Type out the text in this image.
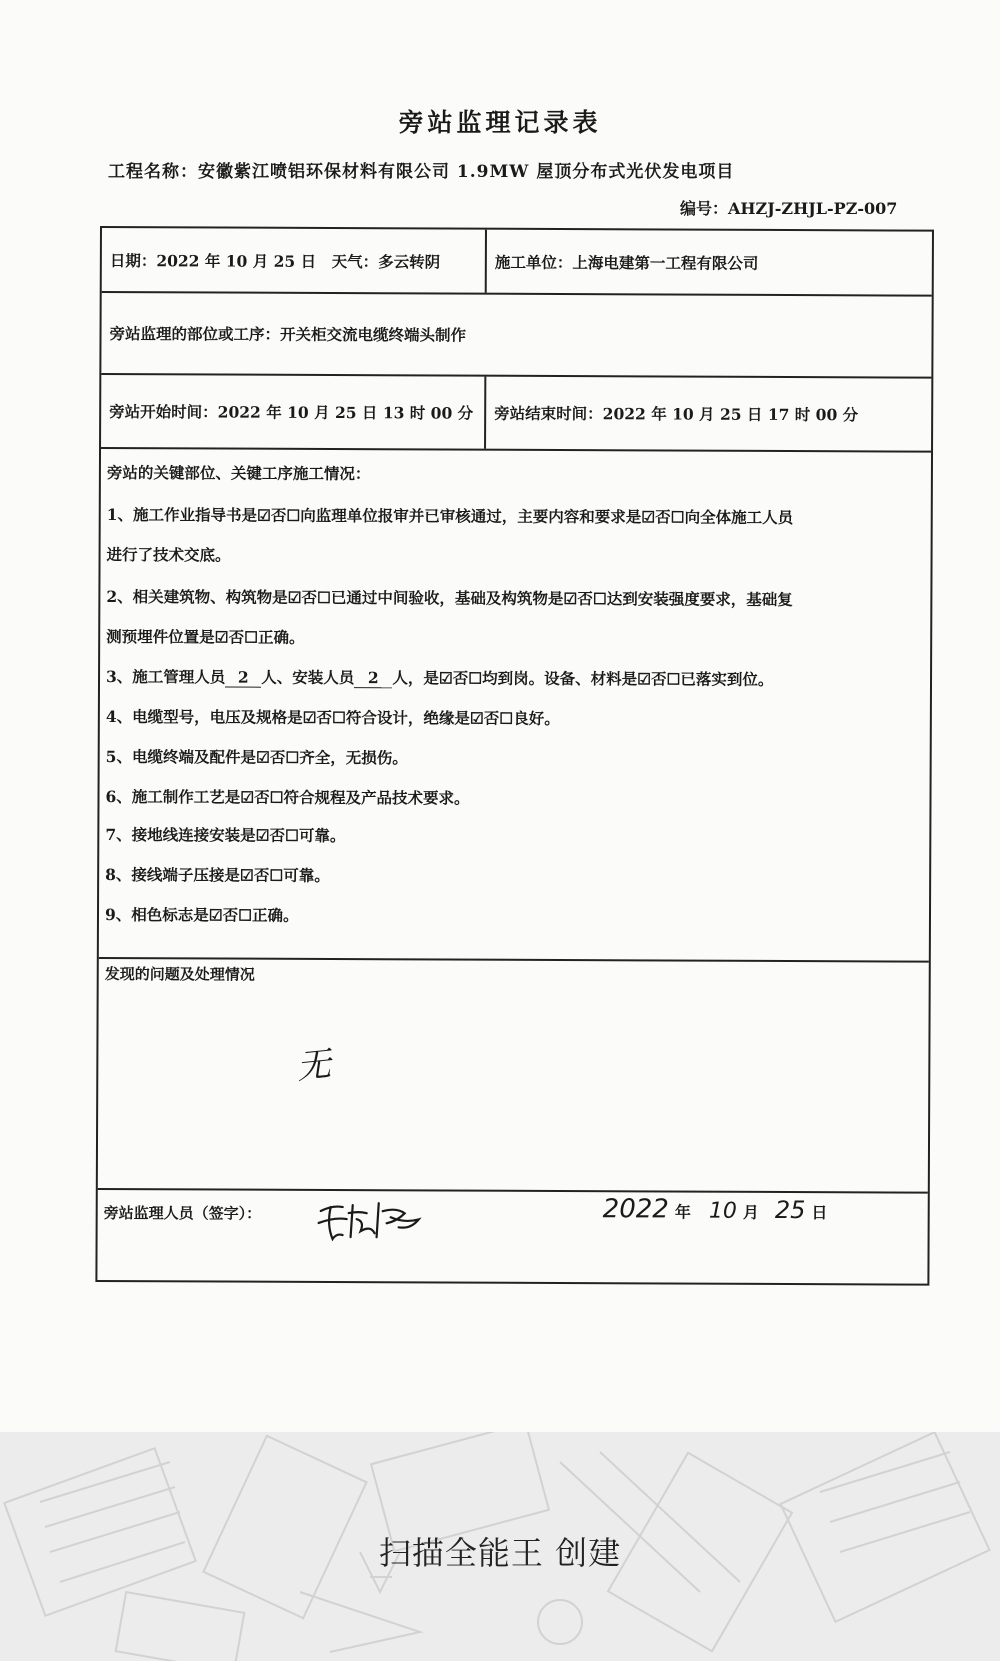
旁站监理记录表
工程名称：安徽紫江喷铝环保材料有限公司 1.9MW 屋顶分布式光伏发电项目
编号：AHZJ-ZHJL-PZ-007
日期：2022 年 10 月 25 日　天气：多云转阴	施工单位：上海电建第一工程有限公司
旁站监理的部位或工序：开关柜交流电缆终端头制作
旁站开始时间：2022 年 10 月 25 日 13 时 00 分	旁站结束时间：2022 年 10 月 25 日 17 时 00 分
旁站的关键部位、关键工序施工情况：
1、施工作业指导书是☑否☐向监理单位报审并已审核通过，主要内容和要求是☑否☐向全体施工人员
进行了技术交底。
2、相关建筑物、构筑物是☑否☐已通过中间验收，基础及构筑物是☑否☐达到安装强度要求，基础复
测预埋件位置是☑否☐正确。
3、施工管理人员 2 人、安装人员 2 人，是☑否☐均到岗。设备、材料是☑否☐已落实到位。
4、电缆型号，电压及规格是☑否☐符合设计，绝缘是☑否☐良好。
5、电缆终端及配件是☑否☐齐全，无损伤。
6、施工制作工艺是☑否☐符合规程及产品技术要求。
7、接地线连接安装是☑否☐可靠。
8、接线端子压接是☑否☐可靠。
9、相色标志是☑否☐正确。
发现的问题及处理情况
无
旁站监理人员（签字）：	2022 年 10 月 25 日
扫描全能王 创建
